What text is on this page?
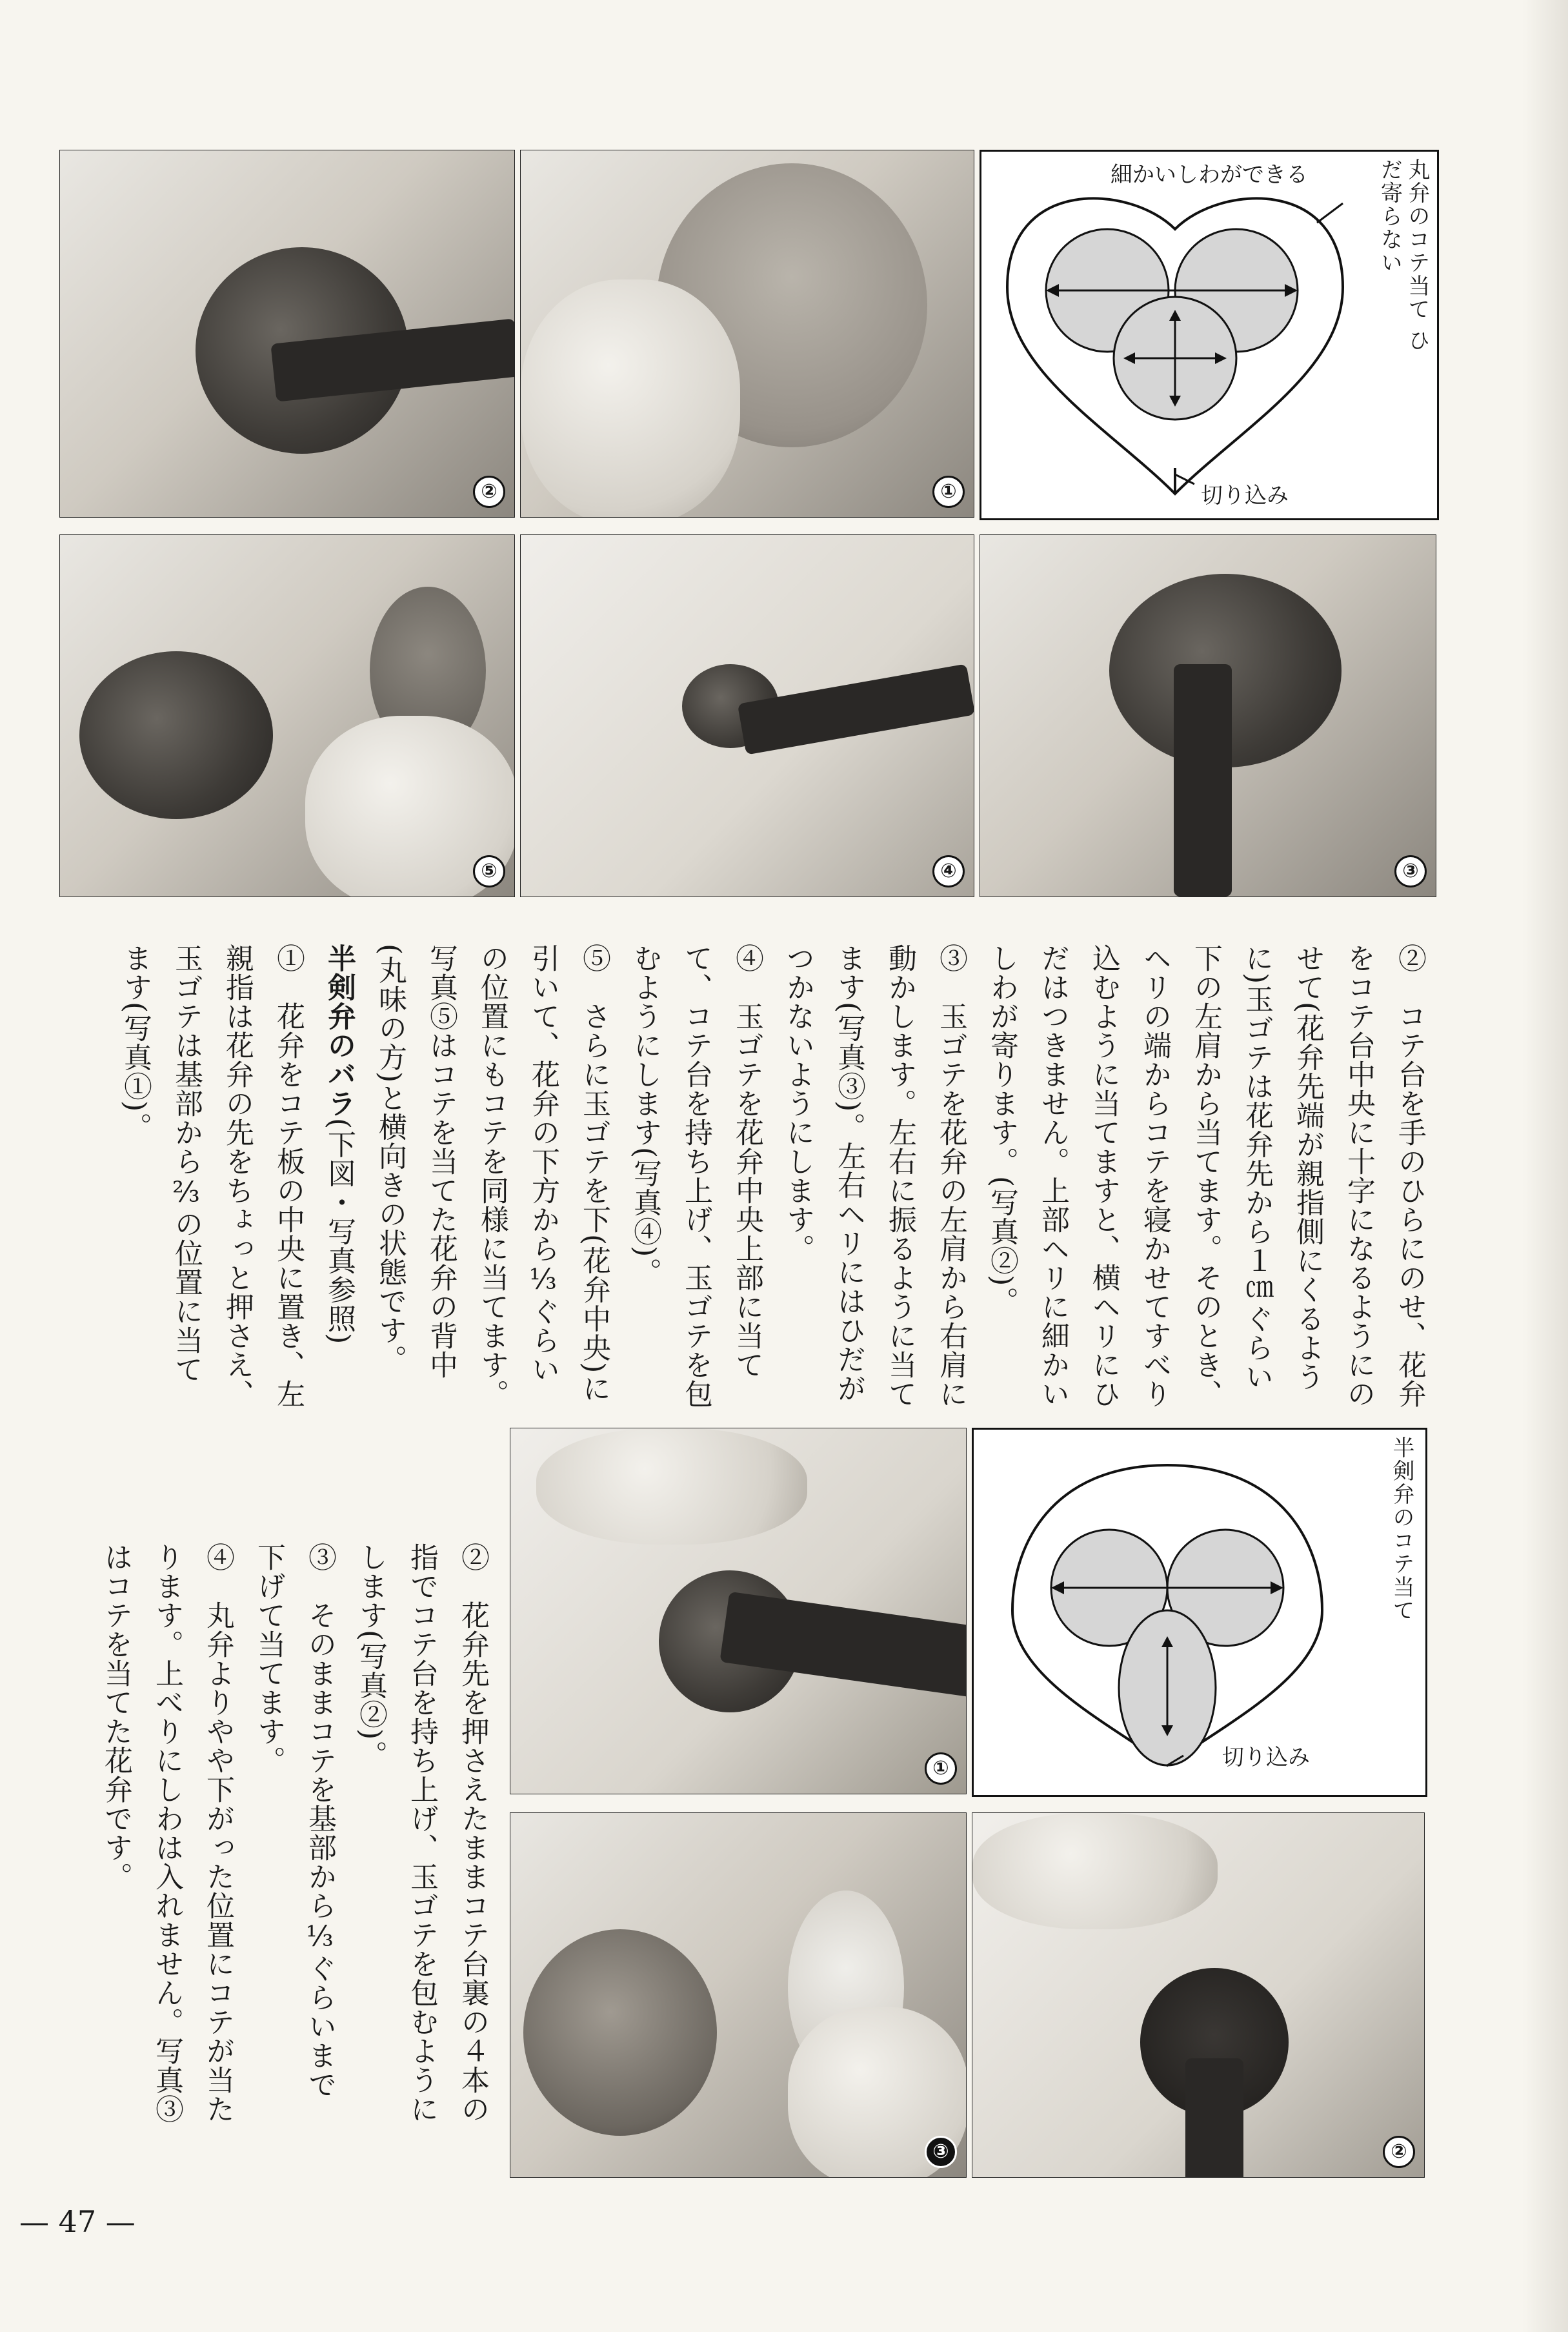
②	①
細かいしわができる	丸弁のコテ当て ひだ寄らない
切り込み
⑤	④	③

②　コテ台を手のひらにのせ、花弁をコテ台中央に十字になるようにのせて(花弁先端が親指側にくるように)玉ゴテは花弁先から１㎝ぐらい下の左肩から当てます。そのとき、ヘリの端からコテを寝かせてすべり込むように当てますと、横ヘリにひだはつきません。上部ヘリに細かいしわが寄ります。(写真②)。

③　玉ゴテを花弁の左肩から右肩に動かします。左右に振るように当てます(写真③)。左右ヘリにはひだがつかないようにします。

④　玉ゴテを花弁中央上部に当てて、コテ台を持ち上げ、玉ゴテを包むようにします(写真④)。

⑤　さらに玉ゴテを下(花弁中央)に引いて、花弁の下方から⅓ぐらいの位置にもコテを同様に当てます。写真⑤はコテを当てた花弁の背中(丸味の方)と横向きの状態です。

半剣弁のバラ(下図・写真参照)

①　花弁をコテ板の中央に置き、左親指は花弁の先をちょっと押さえ、玉ゴテは基部から⅔の位置に当てます(写真①)。

②　花弁先を押さえたままコテ台裏の４本の指でコテ台を持ち上げ、玉ゴテを包むようにします(写真②)。

③　そのままコテを基部から⅓ぐらいまで下げて当てます。

④　丸弁よりやや下がった位置にコテが当たります。上べりにしわは入れません。写真③はコテを当てた花弁です。	①
半剣弁のコテ当て
切り込み
③	②
— 47 —
